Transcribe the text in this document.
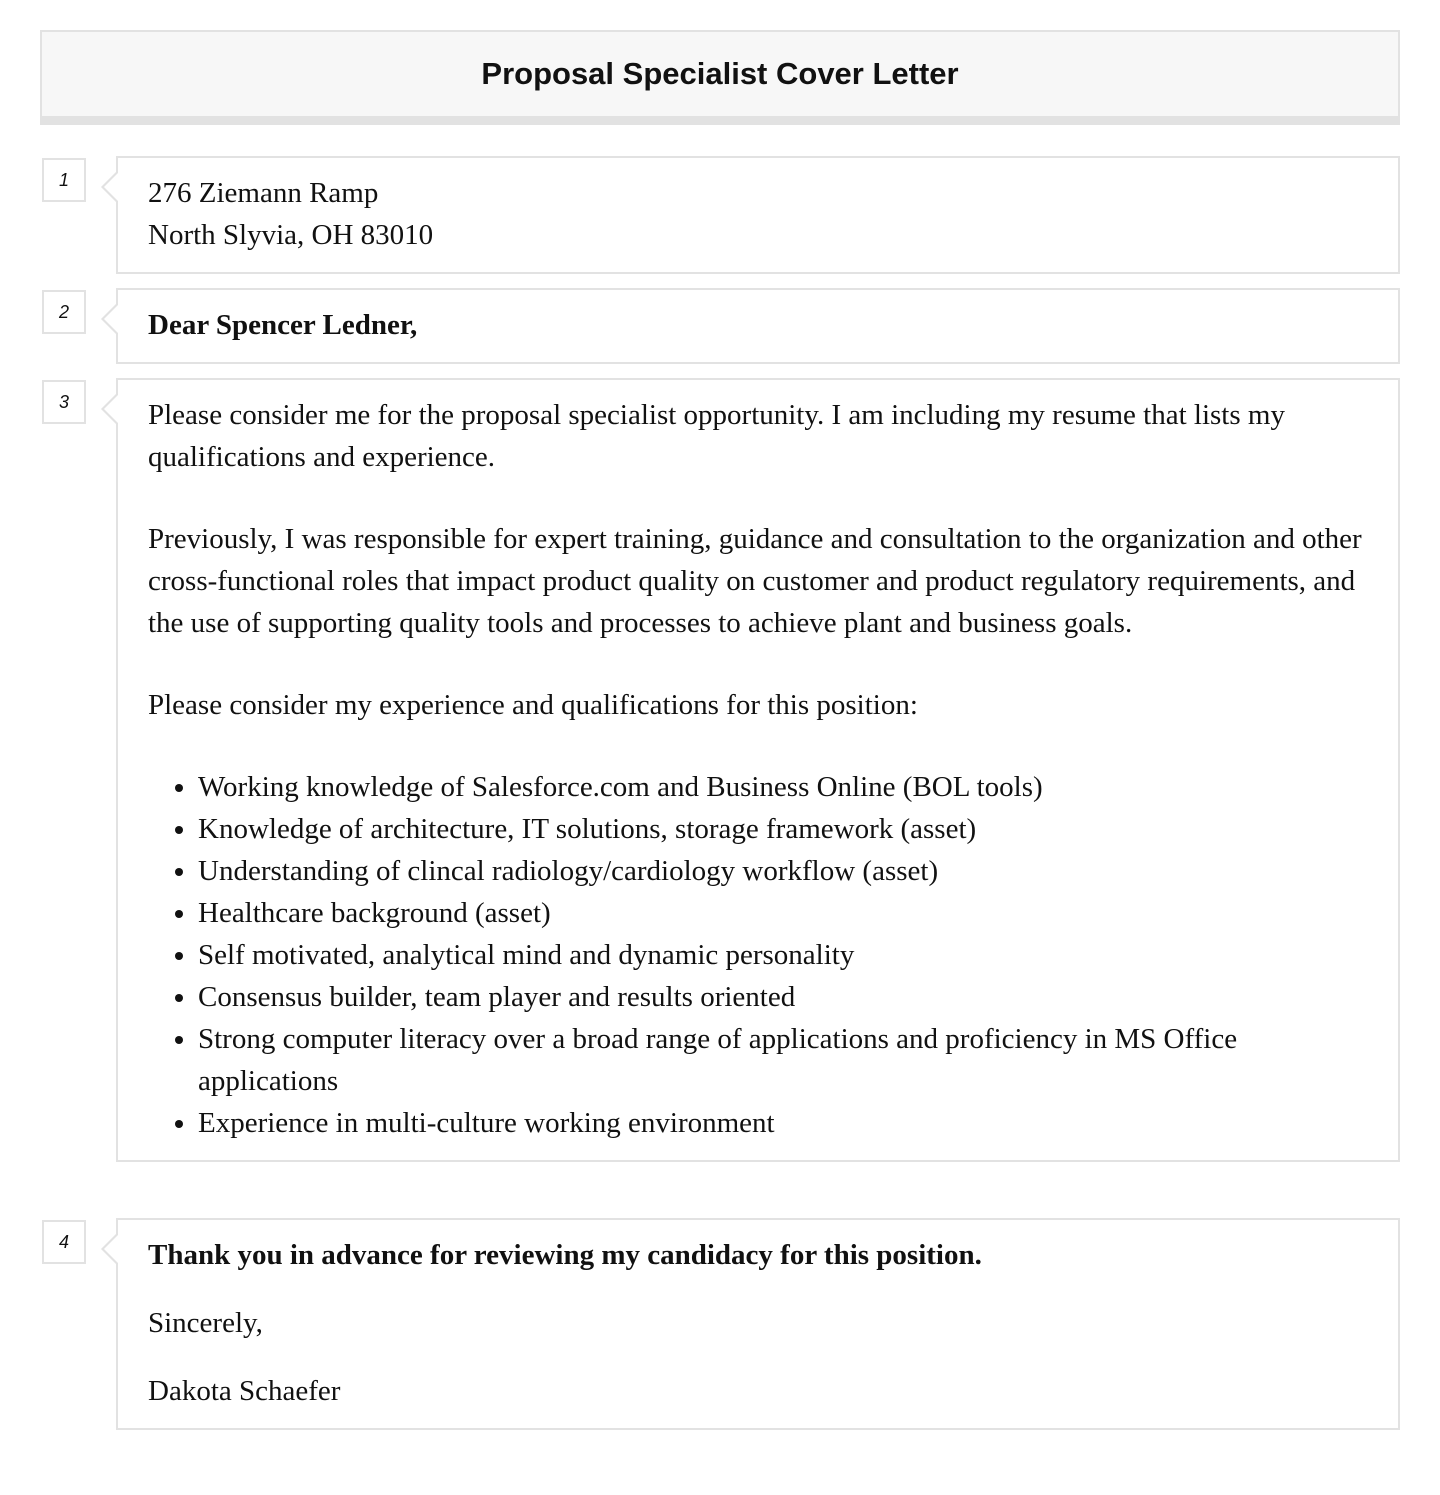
Proposal Specialist Cover Letter
1	276 Ziemann Ramp

North Slyvia, OH 83010

2	Dear Spencer Ledner,

3	Please consider me for the proposal specialist opportunity. I am including my resume that lists my qualifications and experience.

Previously, I was responsible for expert training, guidance and consultation to the organization and other cross-functional roles that impact product quality on customer and product regulatory requirements, and the use of supporting quality tools and processes to achieve plant and business goals.

Please consider my experience and qualifications for this position:

• Working knowledge of Salesforce.com and Business Online (BOL tools)
• Knowledge of architecture, IT solutions, storage framework (asset)
• Understanding of clincal radiology/cardiology workflow (asset)
• Healthcare background (asset)
• Self motivated, analytical mind and dynamic personality
• Consensus builder, team player and results oriented
• Strong computer literacy over a broad range of applications and proficiency in MS Office applications
• Experience in multi-culture working environment
4	Thank you in advance for reviewing my candidacy for this position.

Sincerely,

Dakota Schaefer
